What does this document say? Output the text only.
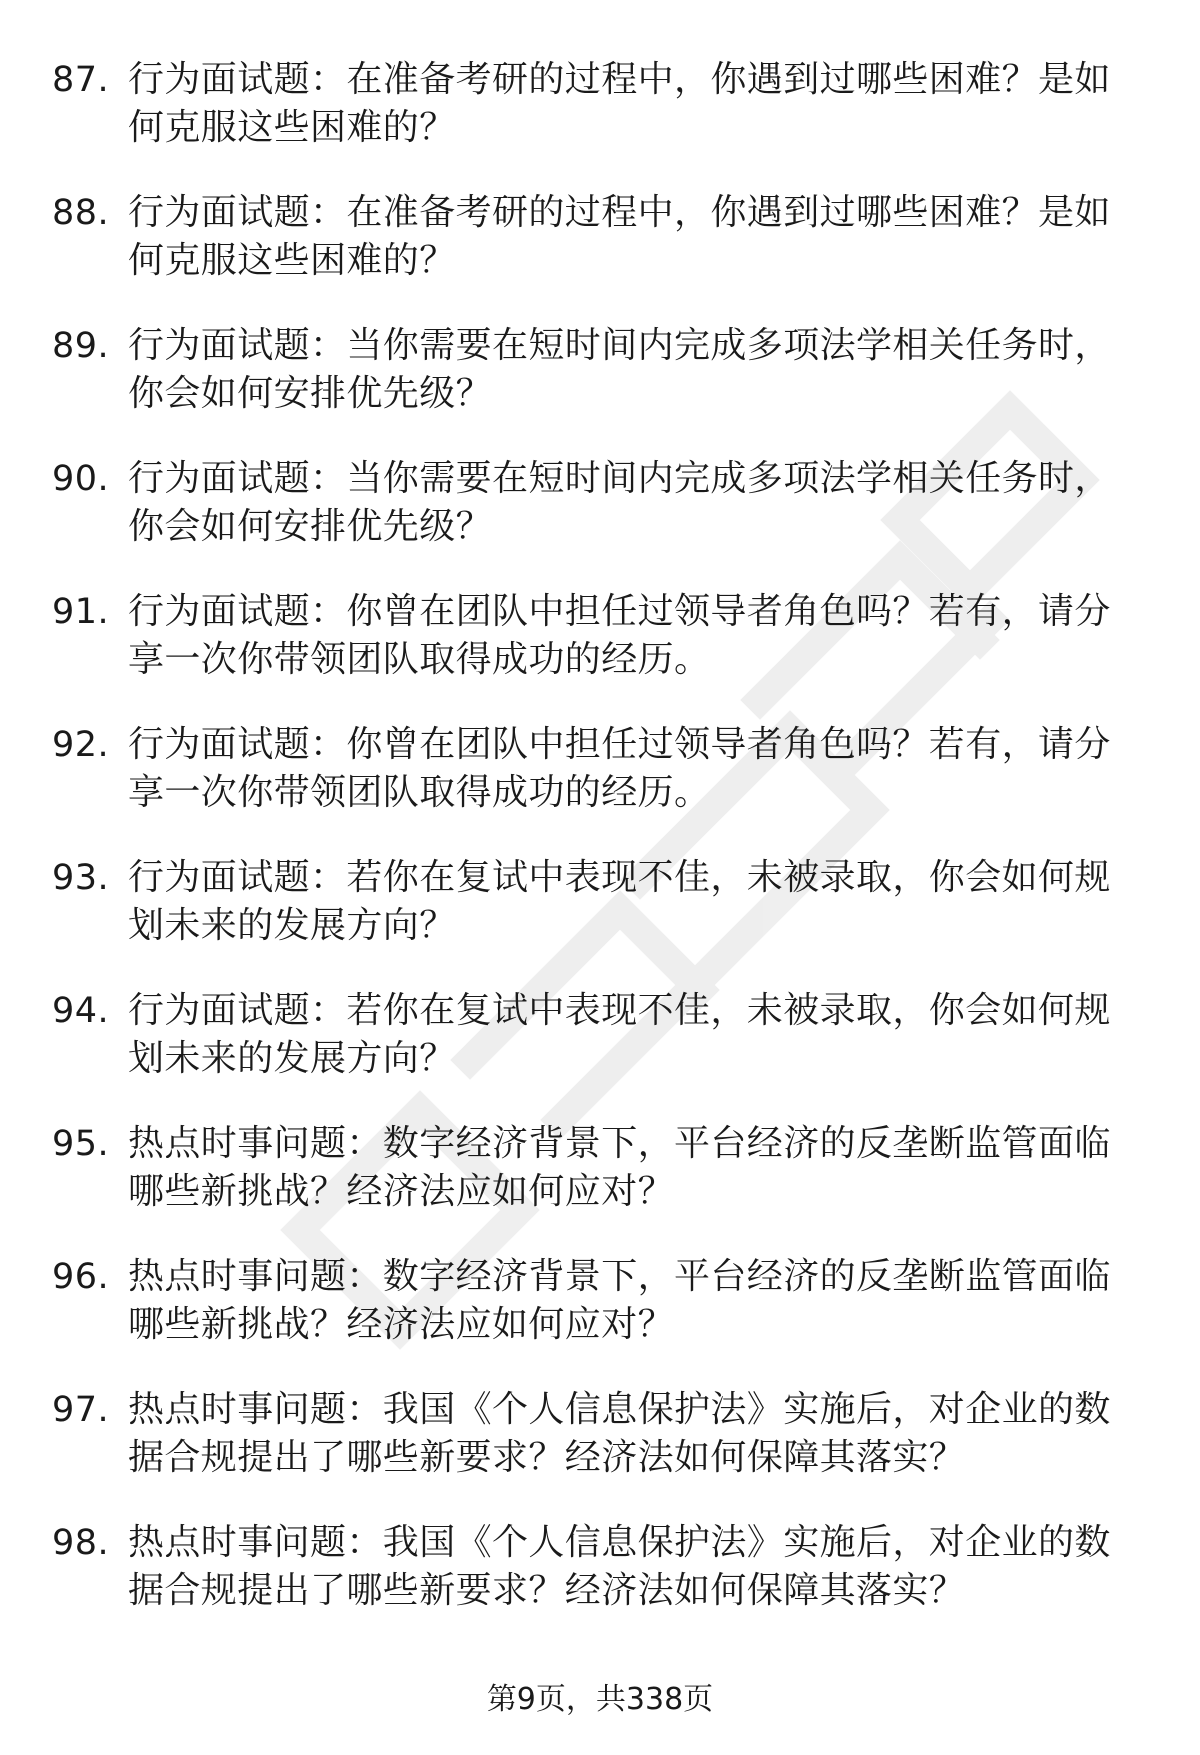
87. 行为面试题：在准备考研的过程中，你遇到过哪些困难？是如何克服这些困难的？
88. 行为面试题：在准备考研的过程中，你遇到过哪些困难？是如何克服这些困难的？
89. 行为面试题：当你需要在短时间内完成多项法学相关任务时，你会如何安排优先级？
90. 行为面试题：当你需要在短时间内完成多项法学相关任务时，你会如何安排优先级？
91. 行为面试题：你曾在团队中担任过领导者角色吗？若有，请分享一次你带领团队取得成功的经历。
92. 行为面试题：你曾在团队中担任过领导者角色吗？若有，请分享一次你带领团队取得成功的经历。
93. 行为面试题：若你在复试中表现不佳，未被录取，你会如何规划未来的发展方向？
94. 行为面试题：若你在复试中表现不佳，未被录取，你会如何规划未来的发展方向？
95. 热点时事问题：数字经济背景下，平台经济的反垄断监管面临哪些新挑战？经济法应如何应对？
96. 热点时事问题：数字经济背景下，平台经济的反垄断监管面临哪些新挑战？经济法应如何应对？
97. 热点时事问题：我国《个人信息保护法》实施后，对企业的数据合规提出了哪些新要求？经济法如何保障其落实？
98. 热点时事问题：我国《个人信息保护法》实施后，对企业的数据合规提出了哪些新要求？经济法如何保障其落实？
第9页，共338页
